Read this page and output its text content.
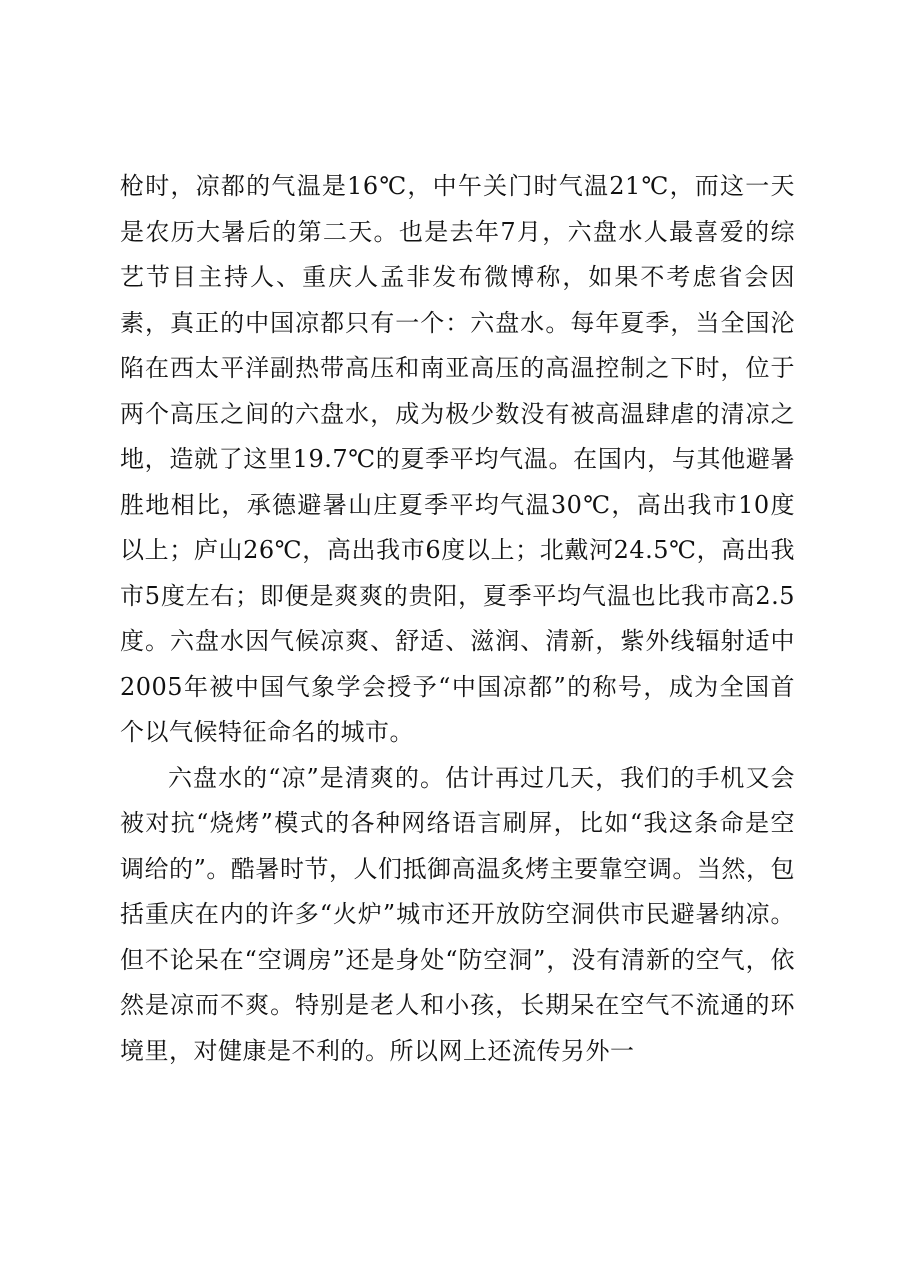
枪时，凉都的气温是16℃，中午关门时气温21℃，而这一天是农历大暑后的第二天。也是去年7月，六盘水人最喜爱的综艺节目主持人、重庆人孟非发布微博称，如果不考虑省会因素，真正的中国凉都只有一个：六盘水。每年夏季，当全国沦陷在西太平洋副热带高压和南亚高压的高温控制之下时，位于两个高压之间的六盘水，成为极少数没有被高温肆虐的清凉之地，造就了这里19.7℃的夏季平均气温。在国内，与其他避暑胜地相比，承德避暑山庄夏季平均气温30℃，高出我市10度以上；庐山26℃，高出我市6度以上；北戴河24.5℃，高出我市5度左右；即便是爽爽的贵阳，夏季平均气温也比我市高2.5度。六盘水因气候凉爽、舒适、滋润、清新，紫外线辐射适中2005年被中国气象学会授予“中国凉都”的称号，成为全国首个以气候特征命名的城市。

六盘水的“凉”是清爽的。估计再过几天，我们的手机又会被对抗“烧烤”模式的各种网络语言刷屏，比如“我这条命是空调给的”。酷暑时节，人们抵御高温炙烤主要靠空调。当然，包括重庆在内的许多“火炉”城市还开放防空洞供市民避暑纳凉。但不论呆在“空调房”还是身处“防空洞”，没有清新的空气，依然是凉而不爽。特别是老人和小孩，长期呆在空气不流通的环境里，对健康是不利的。所以网上还流传另外一
